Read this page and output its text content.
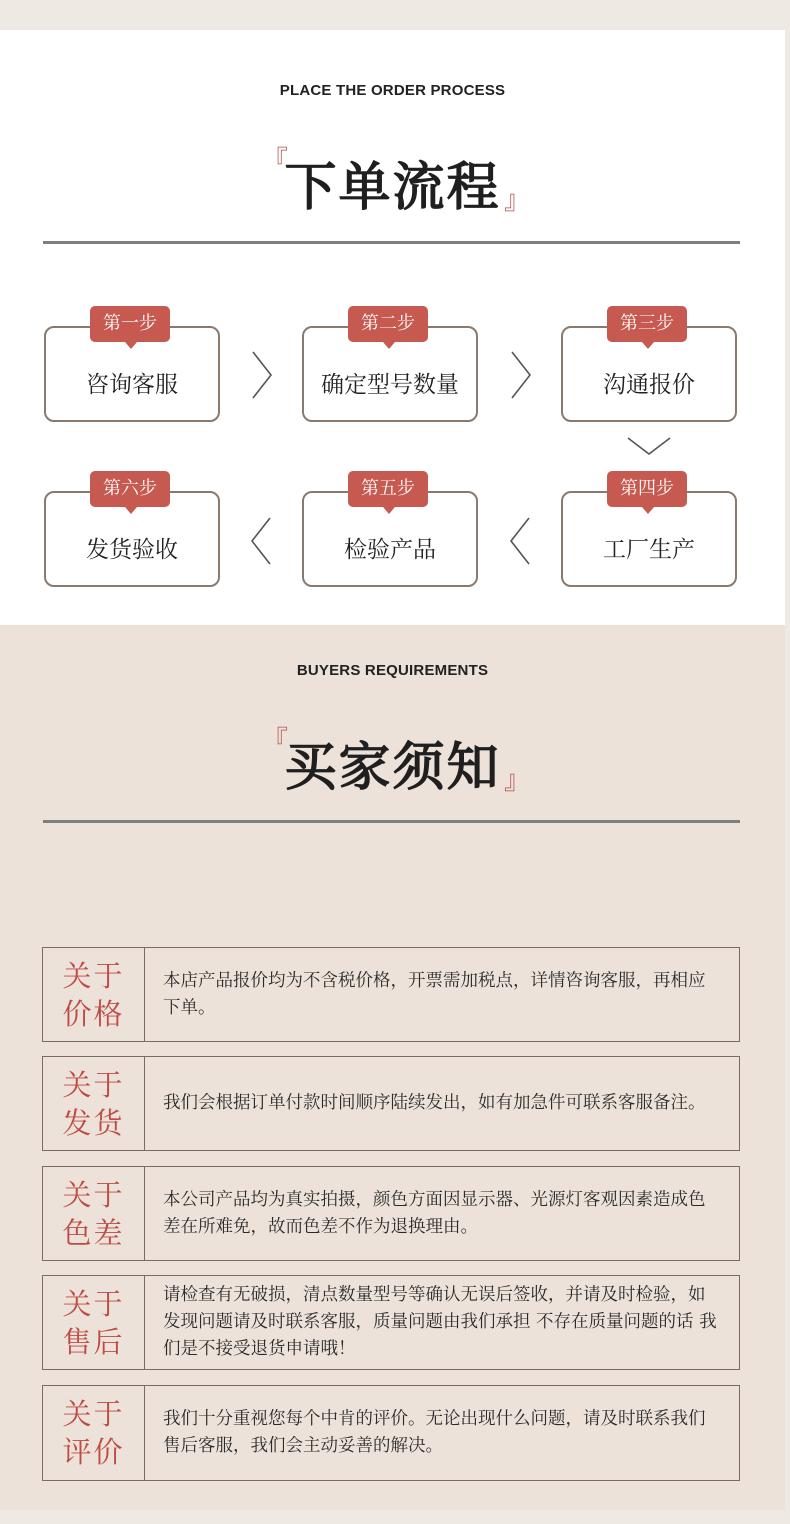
PLACE THE ORDER PROCESS
『
下单流程 』
第一步
咨询客服
第二步
确定型号数量
第三步
沟通报价
第六步
发货验收
第五步
检验产品
第四步
工厂生产
BUYERS REQUIREMENTS
『
买家须知 』
关于价格
本店产品报价均为不含税价格，开票需加税点，详情咨询客服，再相应下单。
关于发货
我们会根据订单付款时间顺序陆续发出，如有加急件可联系客服备注。
关于色差
本公司产品均为真实拍摄，颜色方面因显示器、光源灯客观因素造成色差在所难免，故而色差不作为退换理由。
关于售后
请检查有无破损，清点数量型号等确认无误后签收，并请及时检验，如发现问题请及时联系客服，质量问题由我们承担 不存在质量问题的话 我们是不接受退货申请哦！
关于评价
我们十分重视您每个中肯的评价。无论出现什么问题，请及时联系我们售后客服，我们会主动妥善的解决。
